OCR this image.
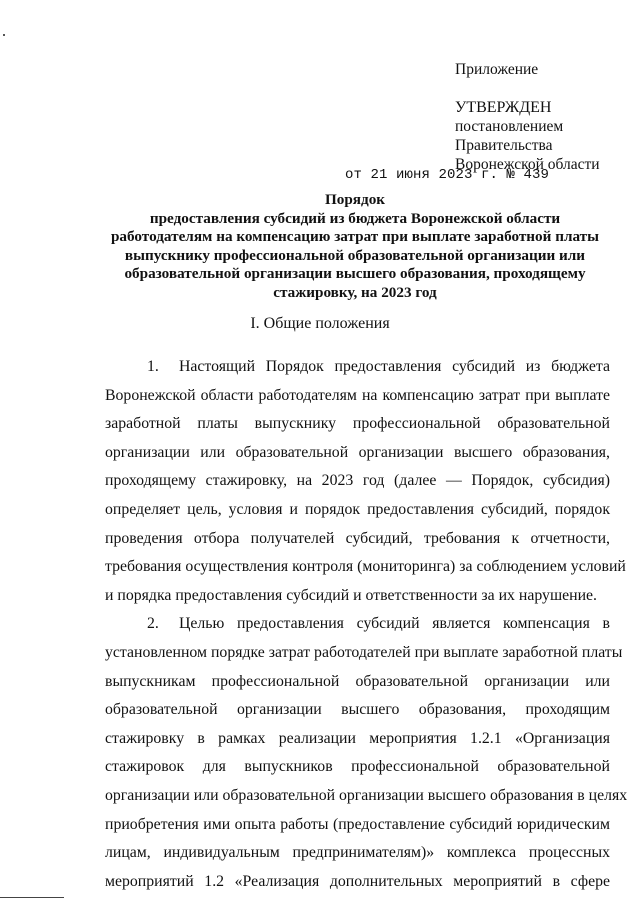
Приложение
УТВЕРЖДЕН
постановлением
Правительства
Воронежской области
от 21 июня 2023 г. № 439
Порядок
предоставления субсидий из бюджета Воронежской области
работодателям на компенсацию затрат при выплате заработной платы
выпускнику профессиональной образовательной организации или
образовательной организации высшего образования, проходящему
стажировку, на 2023 год
I. Общие положения
1. Настоящий Порядок предоставления субсидий из бюджета
Воронежской области работодателям на компенсацию затрат при выплате
заработной платы выпускнику профессиональной образовательной
организации или образовательной организации высшего образования,
проходящему стажировку, на 2023 год (далее — Порядок, субсидия)
определяет цель, условия и порядок предоставления субсидий, порядок
проведения отбора получателей субсидий, требования к отчетности,
требования осуществления контроля (мониторинга) за соблюдением условий
и порядка предоставления субсидий и ответственности за их нарушение.
2. Целью предоставления субсидий является компенсация в
установленном порядке затрат работодателей при выплате заработной платы
выпускникам профессиональной образовательной организации или
образовательной организации высшего образования, проходящим
стажировку в рамках реализации мероприятия 1.2.1 «Организация
стажировок для выпускников профессиональной образовательной
организации или образовательной организации высшего образования в целях
приобретения ими опыта работы (предоставление субсидий юридическим
лицам, индивидуальным предпринимателям)» комплекса процессных
мероприятий 1.2 «Реализация дополнительных мероприятий в сфере
